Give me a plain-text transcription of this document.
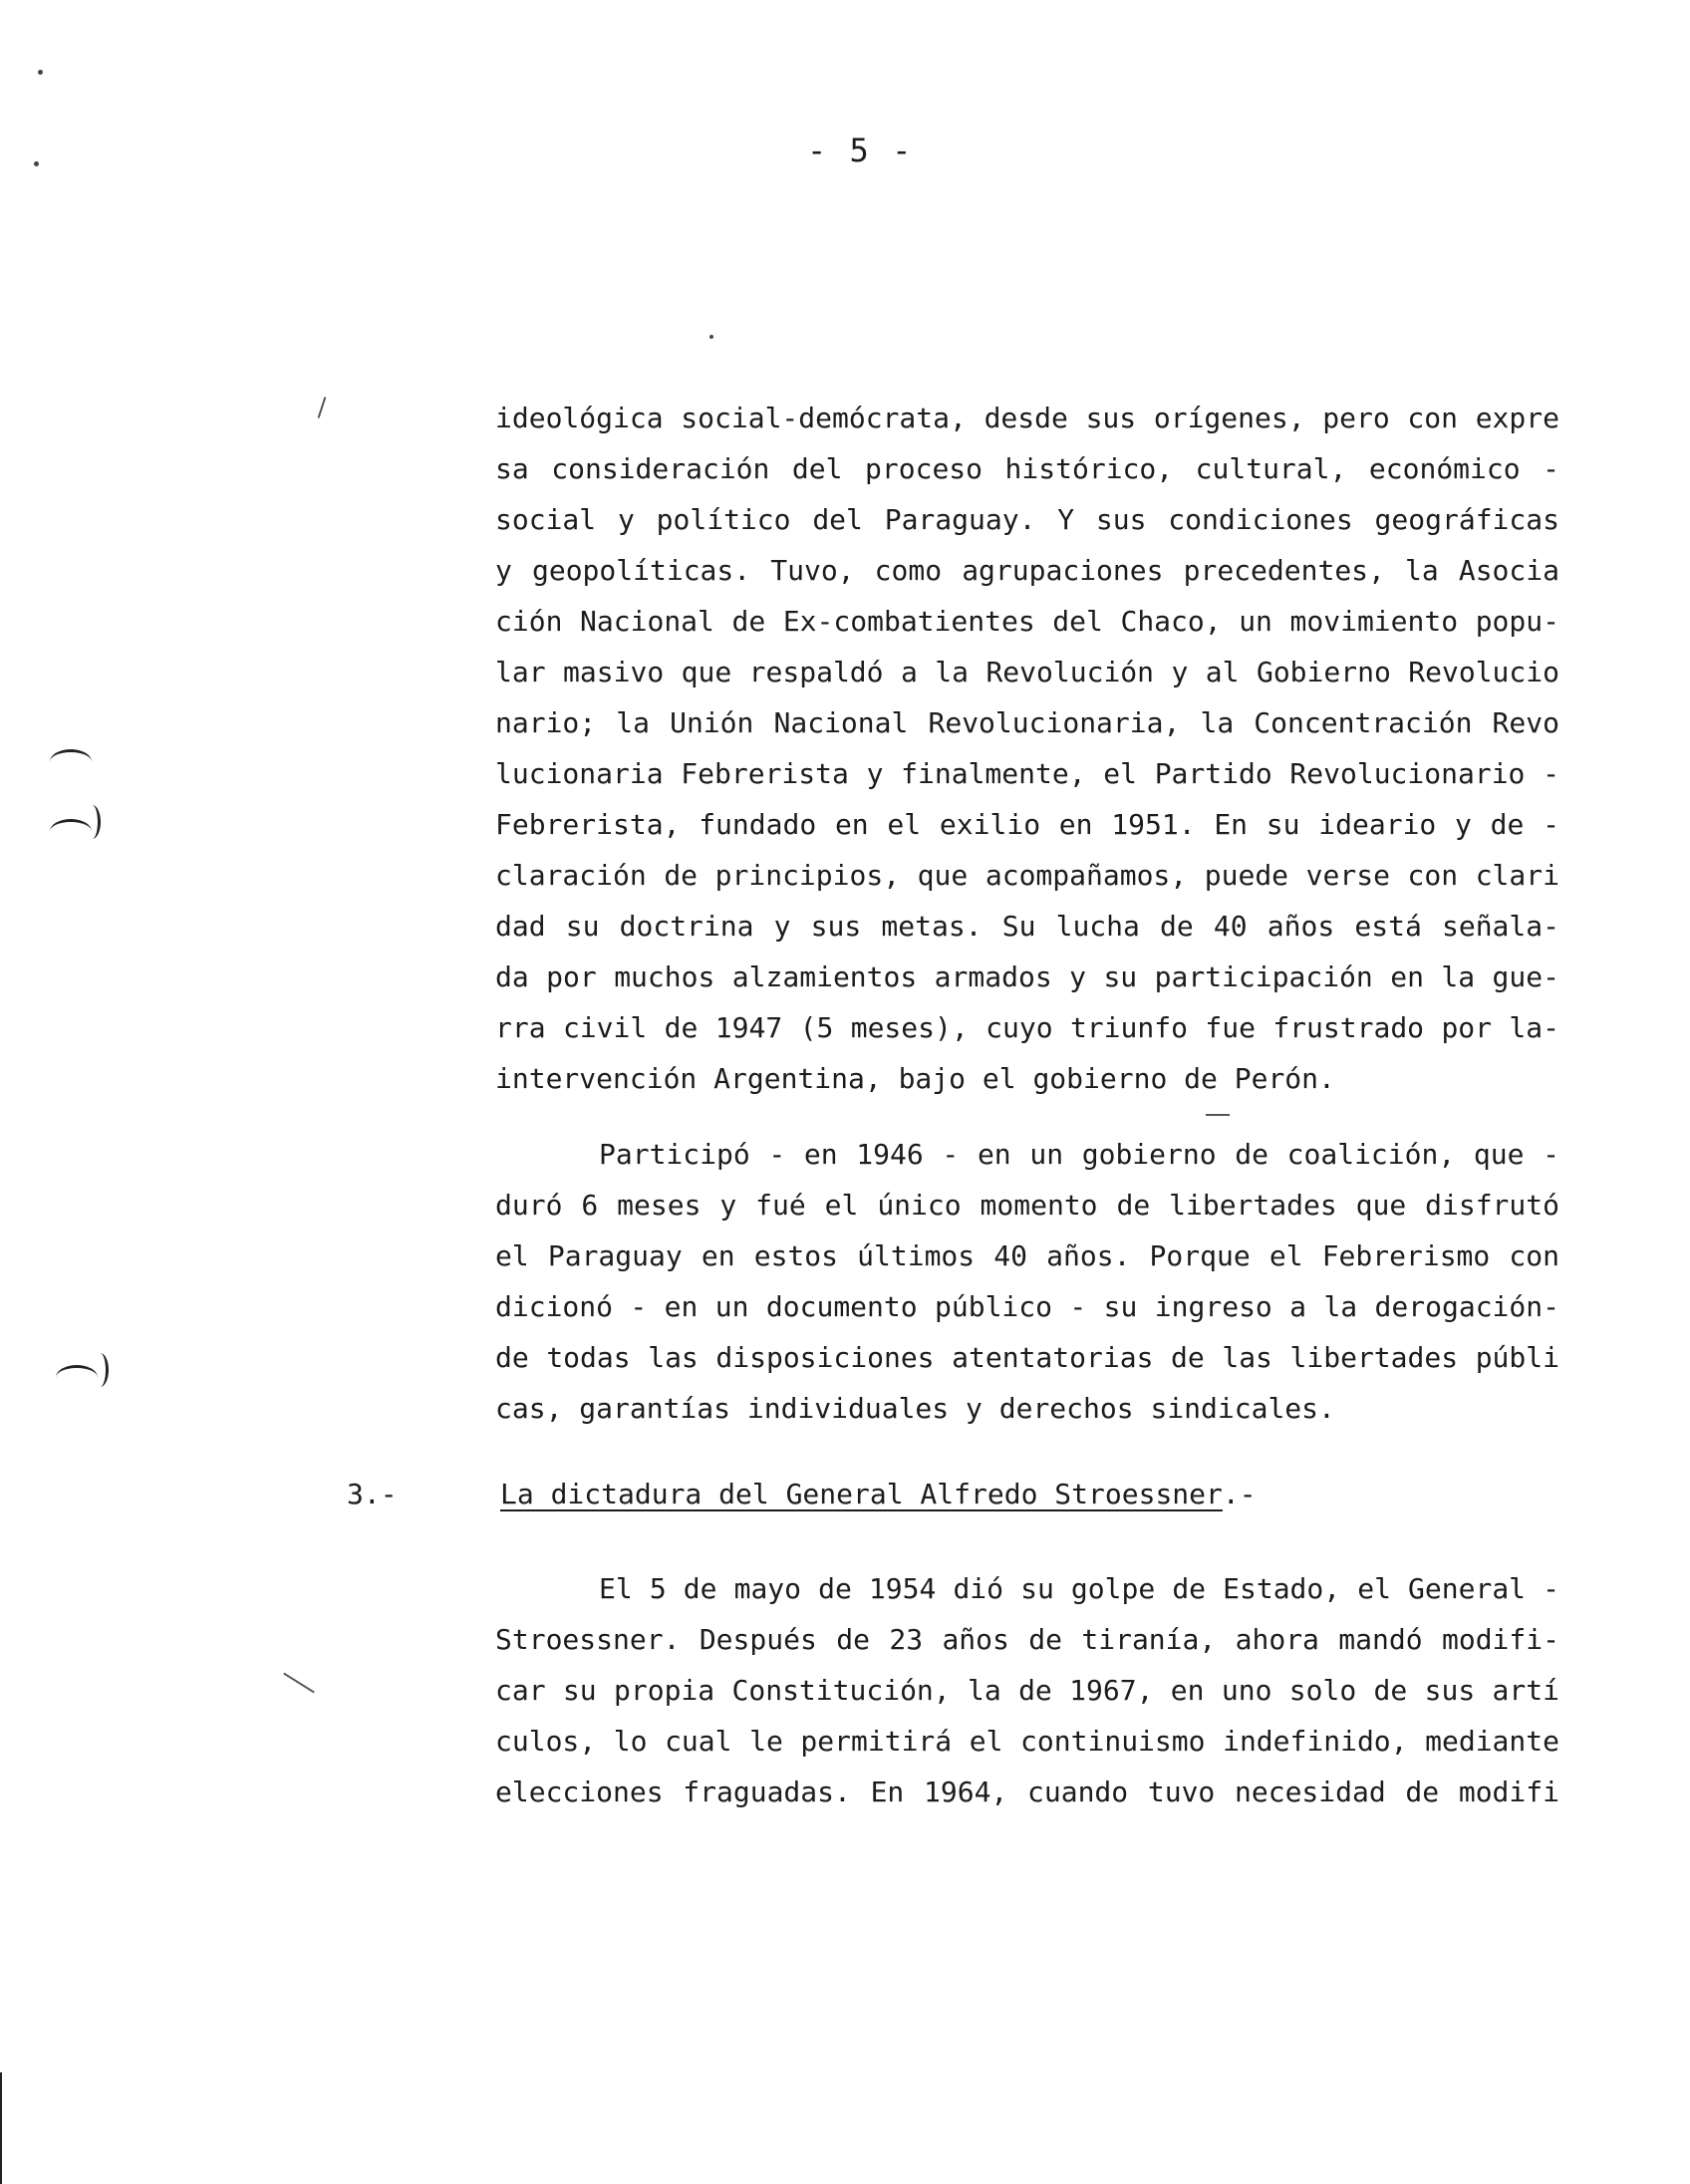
- 5 -
ideológica social-demócrata, desde sus orígenes, pero con expre
sa consideración del proceso histórico, cultural, económico -
social y político del Paraguay. Y sus condiciones geográficas
y geopolíticas. Tuvo, como agrupaciones precedentes, la Asocia
ción Nacional de Ex-combatientes del Chaco, un movimiento popu-
lar masivo que respaldó a la Revolución y al Gobierno Revolucio
nario; la Unión Nacional Revolucionaria, la Concentración Revo
lucionaria Febrerista y finalmente, el Partido Revolucionario -
Febrerista, fundado en el exilio en 1951. En su ideario y de -
claración de principios, que acompañamos, puede verse con clari
dad su doctrina y sus metas. Su lucha de 40 años está señala-
da por muchos alzamientos armados y su participación en la gue-
rra civil de 1947 (5 meses), cuyo triunfo fue frustrado por la-
intervención Argentina, bajo el gobierno de Perón.
Participó - en 1946 - en un gobierno de coalición, que -
duró 6 meses y fué el único momento de libertades que disfrutó
el Paraguay en estos últimos 40 años. Porque el Febrerismo con
dicionó - en un documento público - su ingreso a la derogación-
de todas las disposiciones atentatorias de las libertades públi
cas, garantías individuales y derechos sindicales.
3.-	La dictadura del General Alfredo Stroessner.-
El 5 de mayo de 1954 dió su golpe de Estado, el General -
Stroessner. Después de 23 años de tiranía, ahora mandó modifi-
car su propia Constitución, la de 1967, en uno solo de sus artí
culos, lo cual le permitirá el continuismo indefinido, mediante
elecciones fraguadas. En 1964, cuando tuvo necesidad de modifi
